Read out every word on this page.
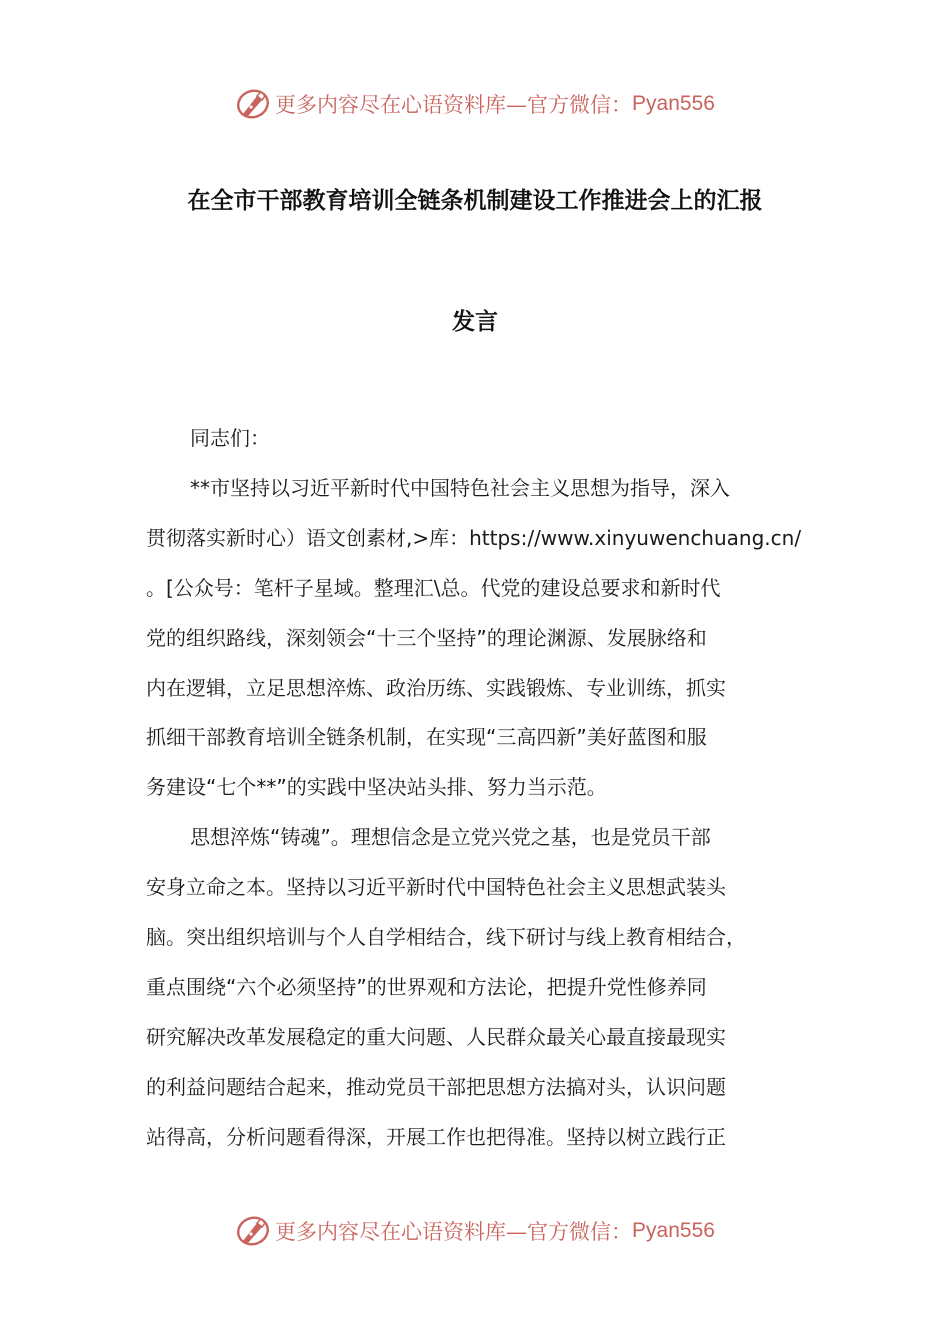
更多内容尽在心语资料库—官方微信： Pyan556
在全市干部教育培训全链条机制建设工作推进会上的汇报
发言
同志们：
**市坚持以习近平新时代中国特色社会主义思想为指导，深入
贯彻落实新时心）语文创素材,>库：https://www.xinyuwenchuang.cn/
。[公众号：笔杆子星域。整理汇\总。代党的建设总要求和新时代
党的组织路线，深刻领会“十三个坚持”的理论渊源、发展脉络和
内在逻辑，立足思想淬炼、政治历练、实践锻炼、专业训练，抓实
抓细干部教育培训全链条机制，在实现“三高四新”美好蓝图和服
务建设“七个**”的实践中坚决站头排、努力当示范。
思想淬炼“铸魂”。理想信念是立党兴党之基，也是党员干部
安身立命之本。坚持以习近平新时代中国特色社会主义思想武装头
脑。突出组织培训与个人自学相结合，线下研讨与线上教育相结合，
重点围绕“六个必须坚持”的世界观和方法论，把提升党性修养同
研究解决改革发展稳定的重大问题、人民群众最关心最直接最现实
的利益问题结合起来，推动党员干部把思想方法搞对头，认识问题
站得高，分析问题看得深，开展工作也把得准。坚持以树立践行正
更多内容尽在心语资料库—官方微信： Pyan556
